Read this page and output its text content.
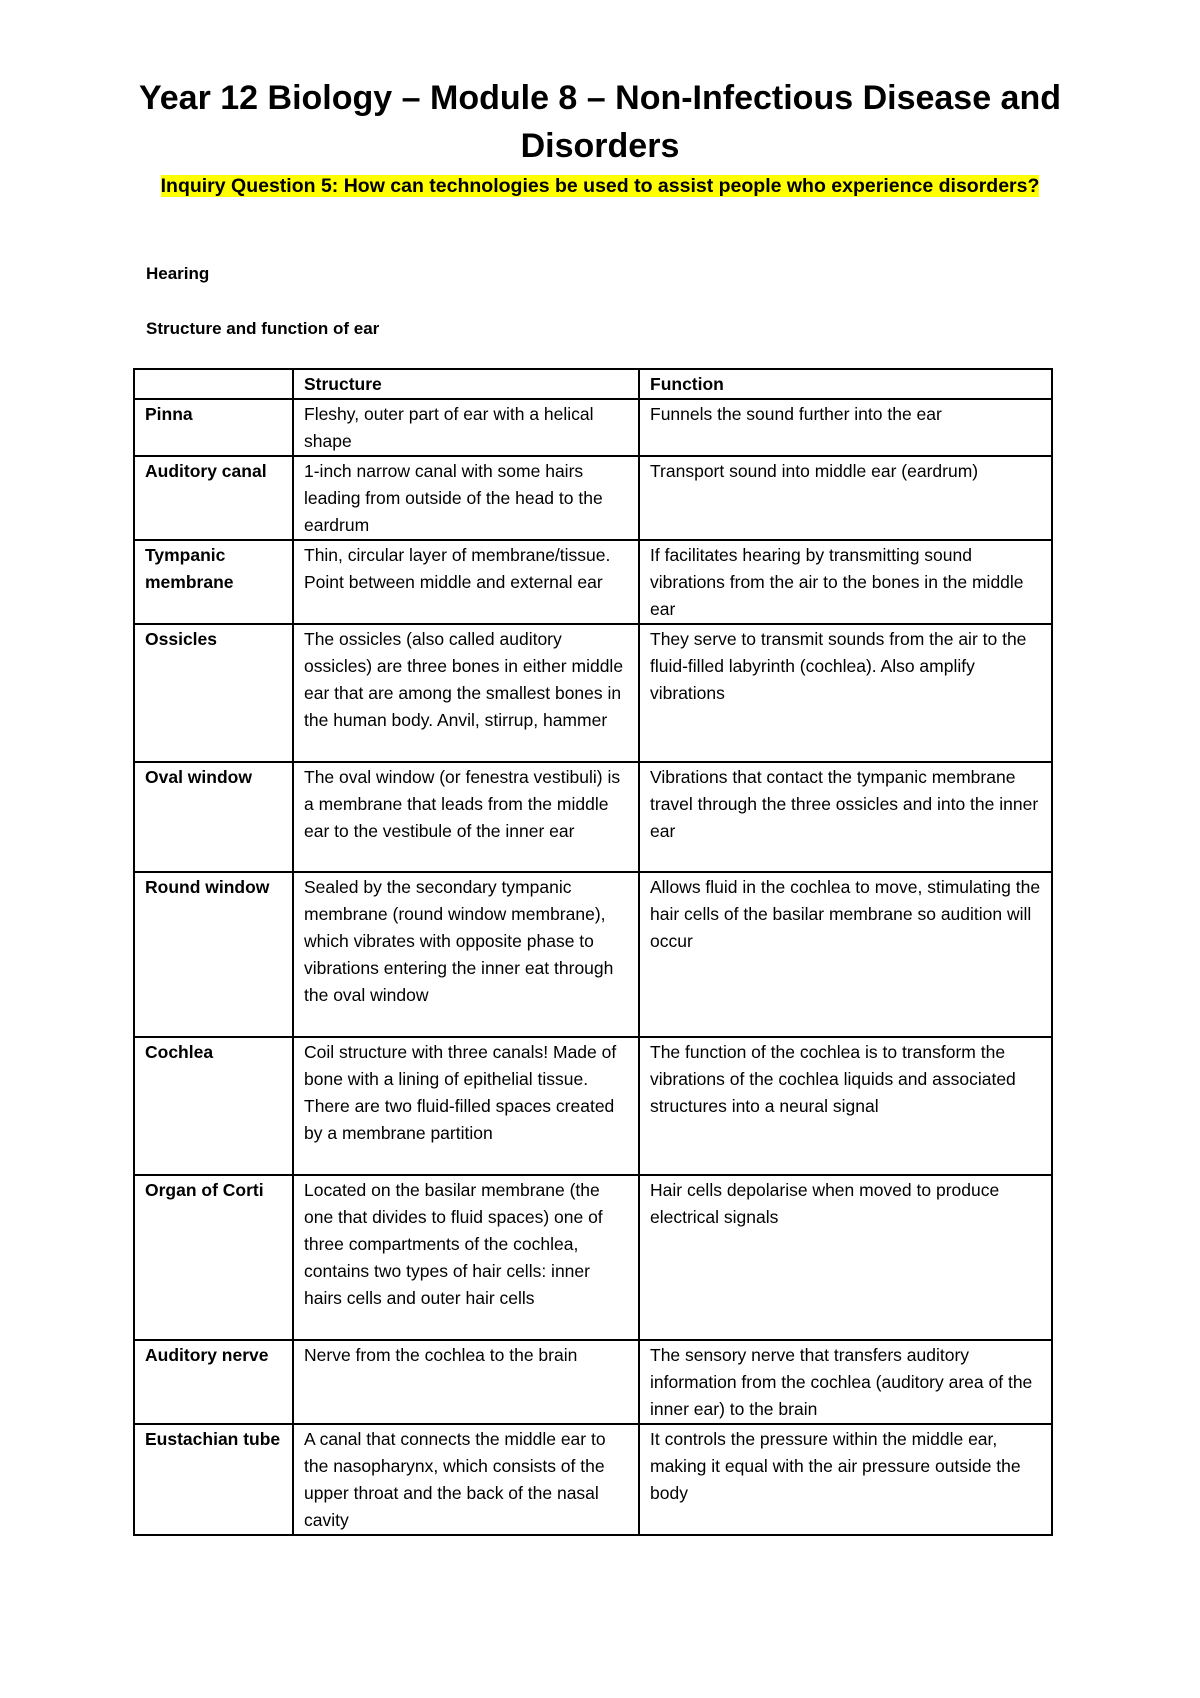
Year 12 Biology – Module 8 – Non-Infectious Disease and Disorders
Inquiry Question 5: How can technologies be used to assist people who experience disorders?
Hearing
Structure and function of ear
	Structure	Function
Pinna	Fleshy, outer part of ear with a helical shape	Funnels the sound further into the ear
Auditory canal	1-inch narrow canal with some hairs leading from outside of the head to the eardrum	Transport sound into middle ear (eardrum)
Tympanic membrane	Thin, circular layer of membrane/tissue. Point between middle and external ear	If facilitates hearing by transmitting sound vibrations from the air to the bones in the middle ear
Ossicles	The ossicles (also called auditory ossicles) are three bones in either middle ear that are among the smallest bones in the human body. Anvil, stirrup, hammer	They serve to transmit sounds from the air to the fluid-filled labyrinth (cochlea). Also amplify vibrations
Oval window	The oval window (or fenestra vestibuli) is a membrane that leads from the middle ear to the vestibule of the inner ear	Vibrations that contact the tympanic membrane travel through the three ossicles and into the inner ear
Round window	Sealed by the secondary tympanic membrane (round window membrane), which vibrates with opposite phase to vibrations entering the inner eat through the oval window	Allows fluid in the cochlea to move, stimulating the hair cells of the basilar membrane so audition will occur
Cochlea	Coil structure with three canals! Made of bone with a lining of epithelial tissue. There are two fluid-filled spaces created by a membrane partition	The function of the cochlea is to transform the vibrations of the cochlea liquids and associated structures into a neural signal
Organ of Corti	Located on the basilar membrane (the one that divides to fluid spaces) one of three compartments of the cochlea, contains two types of hair cells: inner hairs cells and outer hair cells	Hair cells depolarise when moved to produce electrical signals
Auditory nerve	Nerve from the cochlea to the brain	The sensory nerve that transfers auditory information from the cochlea (auditory area of the inner ear) to the brain
Eustachian tube	A canal that connects the middle ear to the nasopharynx, which consists of the upper throat and the back of the nasal cavity	It controls the pressure within the middle ear, making it equal with the air pressure outside the body
